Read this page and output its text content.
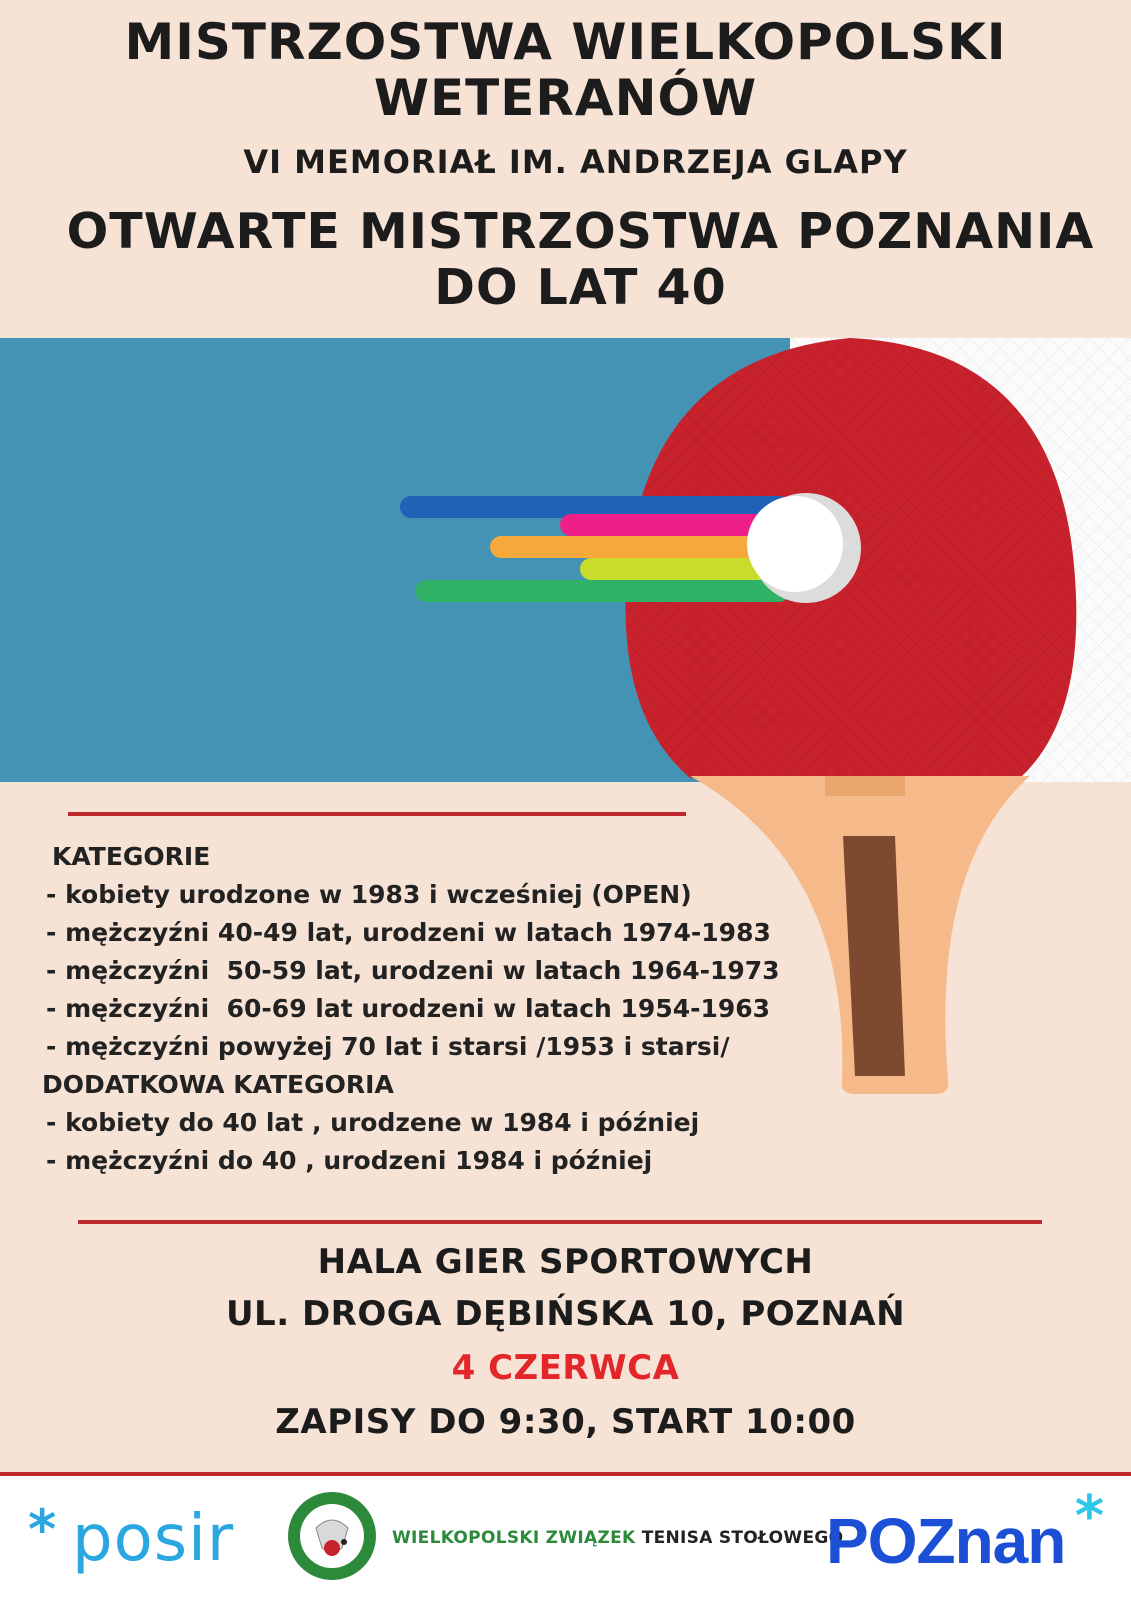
MISTRZOSTWA WIELKOPOLSKI
WETERANÓW
VI MEMORIAŁ IM. ANDRZEJA GLAPY
OTWARTE MISTRZOSTWA POZNANIA
DO LAT 40
KATEGORIE
- kobiety urodzone w 1983 i wcześniej (OPEN)
- mężczyźni 40-49 lat, urodzeni w latach 1974-1983
- mężczyźni  50-59 lat, urodzeni w latach 1964-1973
- mężczyźni  60-69 lat urodzeni w latach 1954-1963
- mężczyźni powyżej 70 lat i starsi /1953 i starsi/
DODATKOWA KATEGORIA
- kobiety do 40 lat , urodzene w 1984 i później
- mężczyźni do 40 , urodzeni 1984 i później
HALA GIER SPORTOWYCH
UL. DROGA DĘBIŃSKA 10, POZNAŃ
4 CZERWCA
ZAPISY DO 9:30, START 10:00
* posir	WIELKOPOLSKI ZWIĄZEK TENISA STOŁOWEGO
POZnan *
